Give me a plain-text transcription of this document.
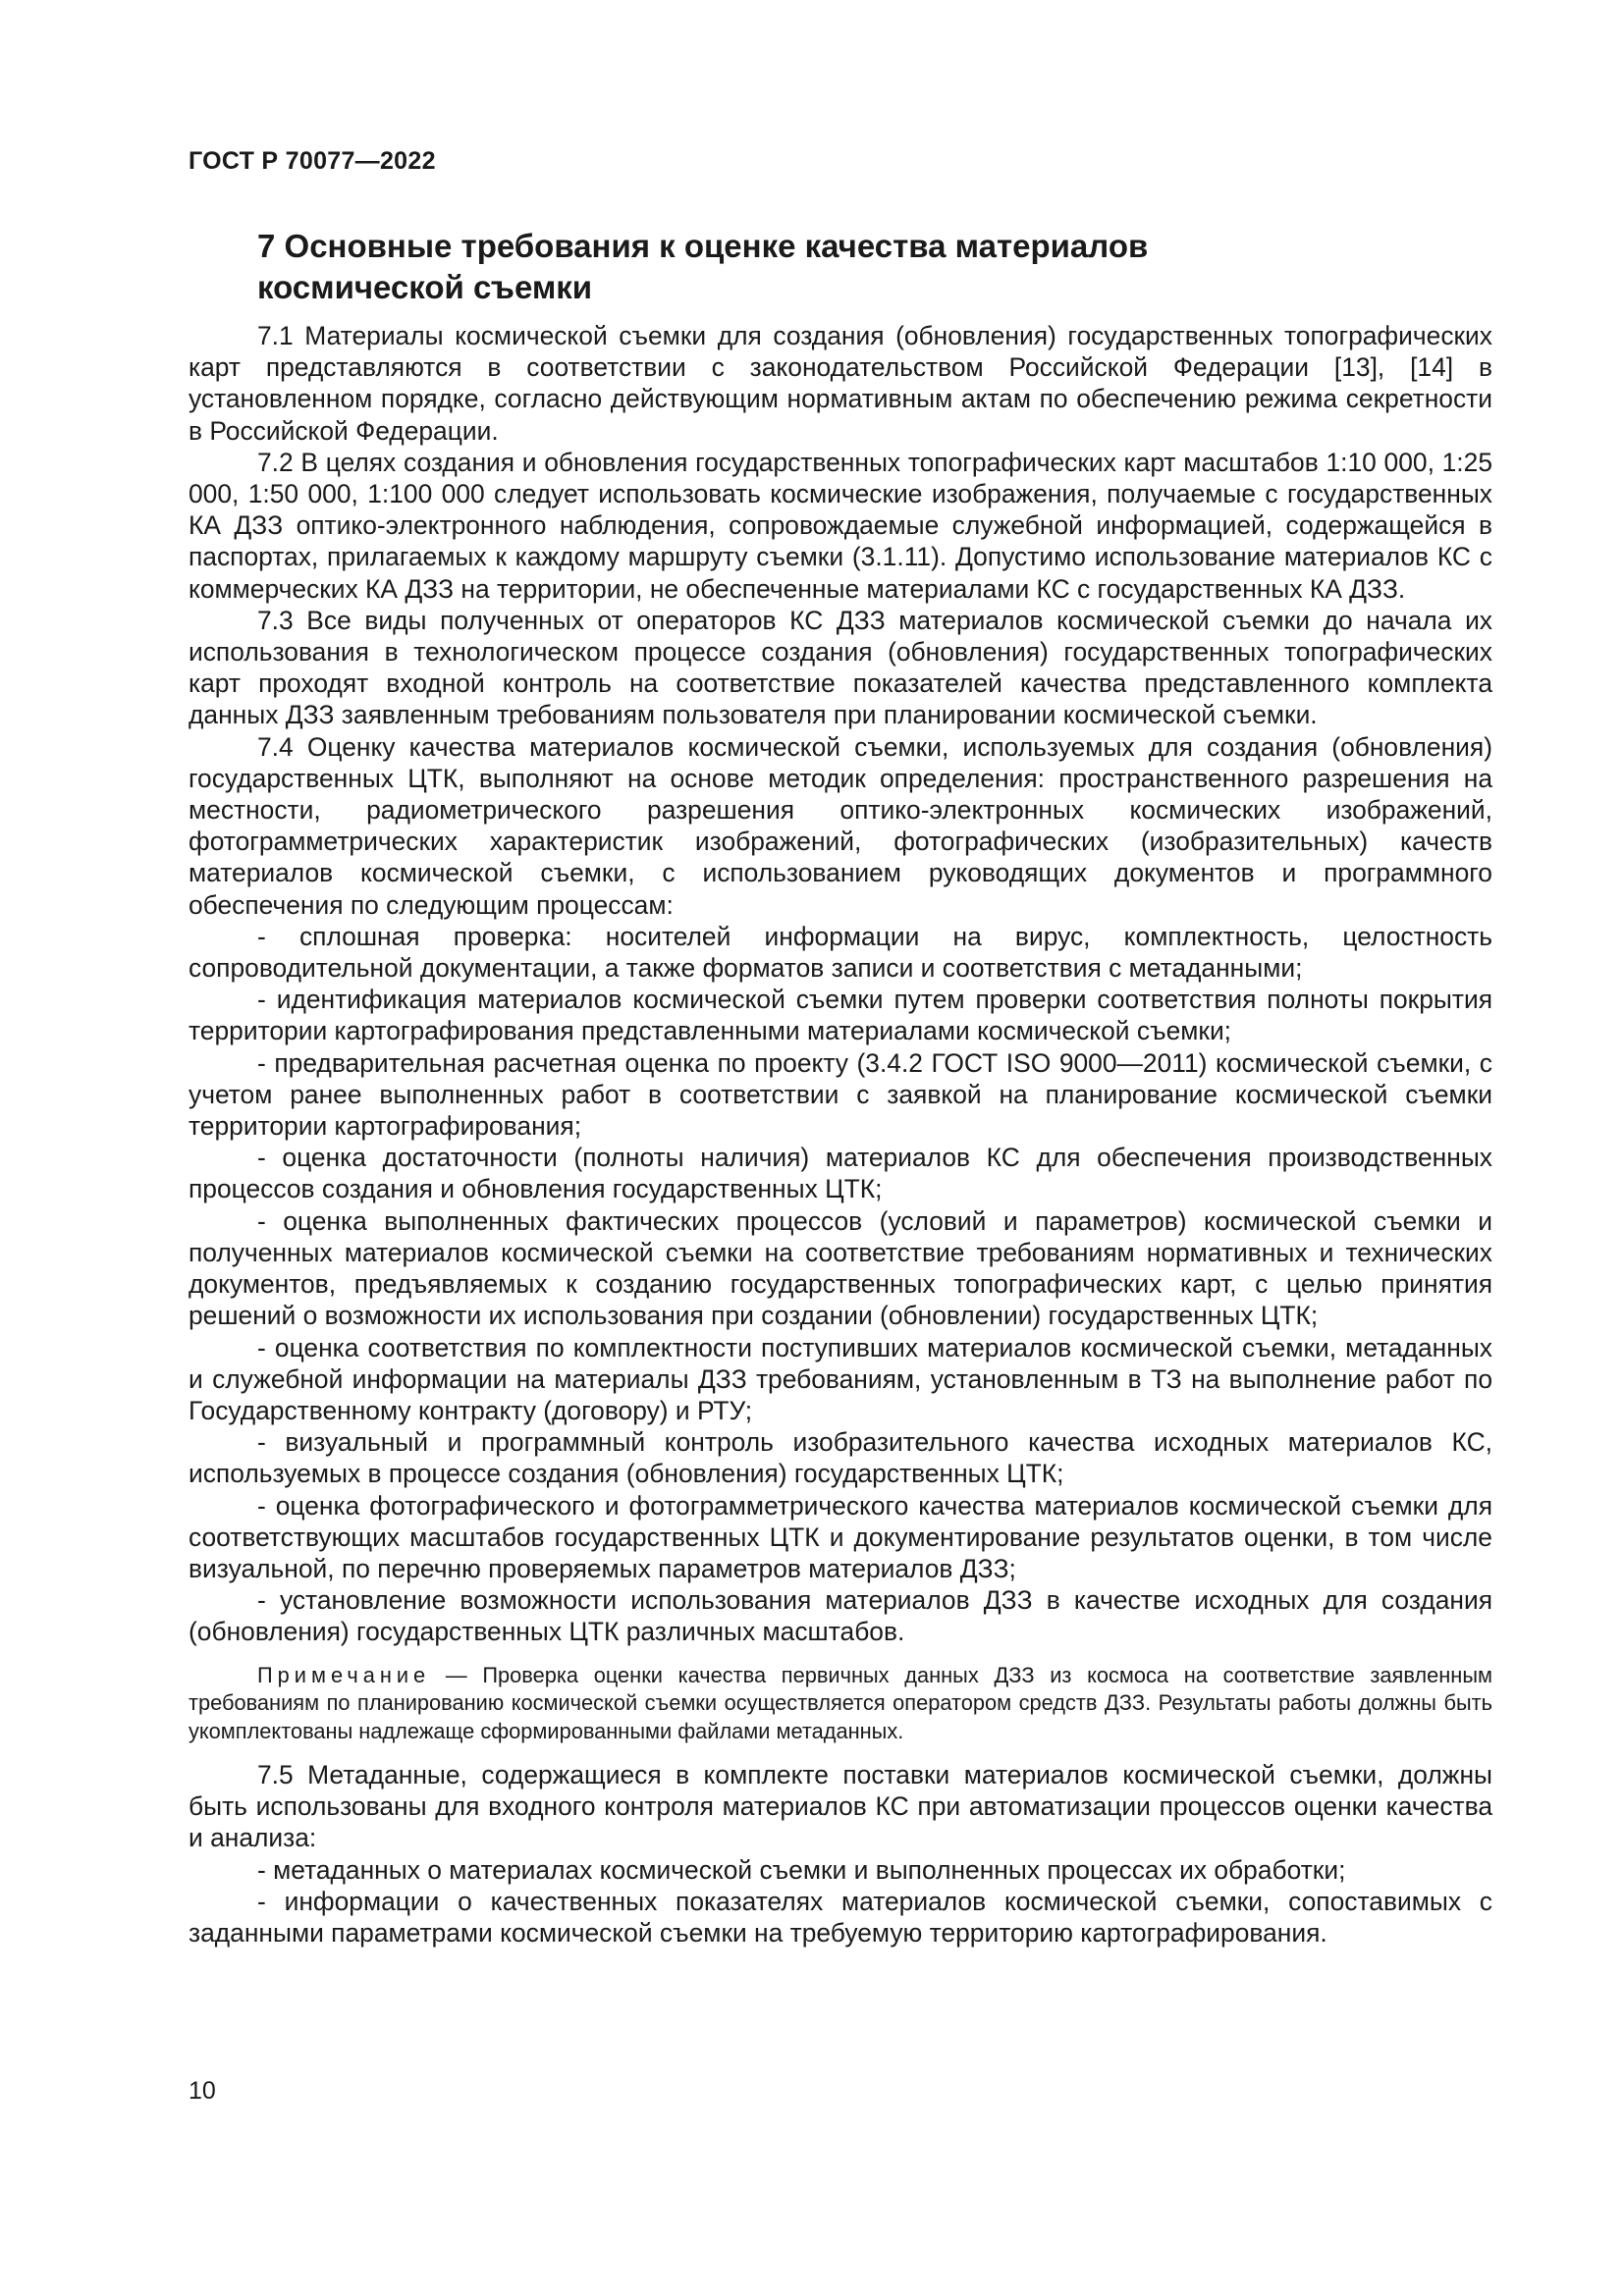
ГОСТ Р 70077—2022
7 Основные требования к оценке качества материалов
космической съемки

7.1 Материалы космической съемки для создания (обновления) государственных топографических карт представляются в соответствии с законодательством Российской Федерации [13], [14] в установленном порядке, согласно действующим нормативным актам по обеспечению режима секретности в Российской Федерации.

7.2 В целях создания и обновления государственных топографических карт масштабов 1:10 000, 1:25 000, 1:50 000, 1:100 000 следует использовать космические изображения, получаемые с государственных КА ДЗЗ оптико-электронного наблюдения, сопровождаемые служебной информацией, содержащейся в паспортах, прилагаемых к каждому маршруту съемки (3.1.11). Допустимо использование материалов КС с коммерческих КА ДЗЗ на территории, не обеспеченные материалами КС с государственных КА ДЗЗ.

7.3 Все виды полученных от операторов КС ДЗЗ материалов космической съемки до начала их использования в технологическом процессе создания (обновления) государственных топографических карт проходят входной контроль на соответствие показателей качества представленного комплекта данных ДЗЗ заявленным требованиям пользователя при планировании космической съемки.

7.4 Оценку качества материалов космической съемки, используемых для создания (обновления) государственных ЦТК, выполняют на основе методик определения: пространственного разрешения на местности, радиометрического разрешения оптико-электронных космических изображений, фотограмметрических характеристик изображений, фотографических (изобразительных) качеств материалов космической съемки, с использованием руководящих документов и программного обеспечения по следующим процессам:

- сплошная проверка: носителей информации на вирус, комплектность, целостность сопроводительной документации, а также форматов записи и соответствия с метаданными;

- идентификация материалов космической съемки путем проверки соответствия полноты покрытия территории картографирования представленными материалами космической съемки;

- предварительная расчетная оценка по проекту (3.4.2 ГОСТ ISO 9000—2011) космической съемки, с учетом ранее выполненных работ в соответствии с заявкой на планирование космической съемки территории картографирования;

- оценка достаточности (полноты наличия) материалов КС для обеспечения производственных процессов создания и обновления государственных ЦТК;

- оценка выполненных фактических процессов (условий и параметров) космической съемки и полученных материалов космической съемки на соответствие требованиям нормативных и технических документов, предъявляемых к созданию государственных топографических карт, с целью принятия решений о возможности их использования при создании (обновлении) государственных ЦТК;

- оценка соответствия по комплектности поступивших материалов космической съемки, метаданных и служебной информации на материалы ДЗЗ требованиям, установленным в ТЗ на выполнение работ по Государственному контракту (договору) и РТУ;

- визуальный и программный контроль изобразительного качества исходных материалов КС, используемых в процессе создания (обновления) государственных ЦТК;

- оценка фотографического и фотограмметрического качества материалов космической съемки для соответствующих масштабов государственных ЦТК и документирование результатов оценки, в том числе визуальной, по перечню проверяемых параметров материалов ДЗЗ;

- установление возможности использования материалов ДЗЗ в качестве исходных для создания (обновления) государственных ЦТК различных масштабов.

Примечание — Проверка оценки качества первичных данных ДЗЗ из космоса на соответствие заявленным требованиям по планированию космической съемки осуществляется оператором средств ДЗЗ. Результаты работы должны быть укомплектованы надлежаще сформированными файлами метаданных.

7.5 Метаданные, содержащиеся в комплекте поставки материалов космической съемки, должны быть использованы для входного контроля материалов КС при автоматизации процессов оценки качества и анализа:

- метаданных о материалах космической съемки и выполненных процессах их обработки;

- информации о качественных показателях материалов космической съемки, сопоставимых с заданными параметрами космической съемки на требуемую территорию картографирования.

10
